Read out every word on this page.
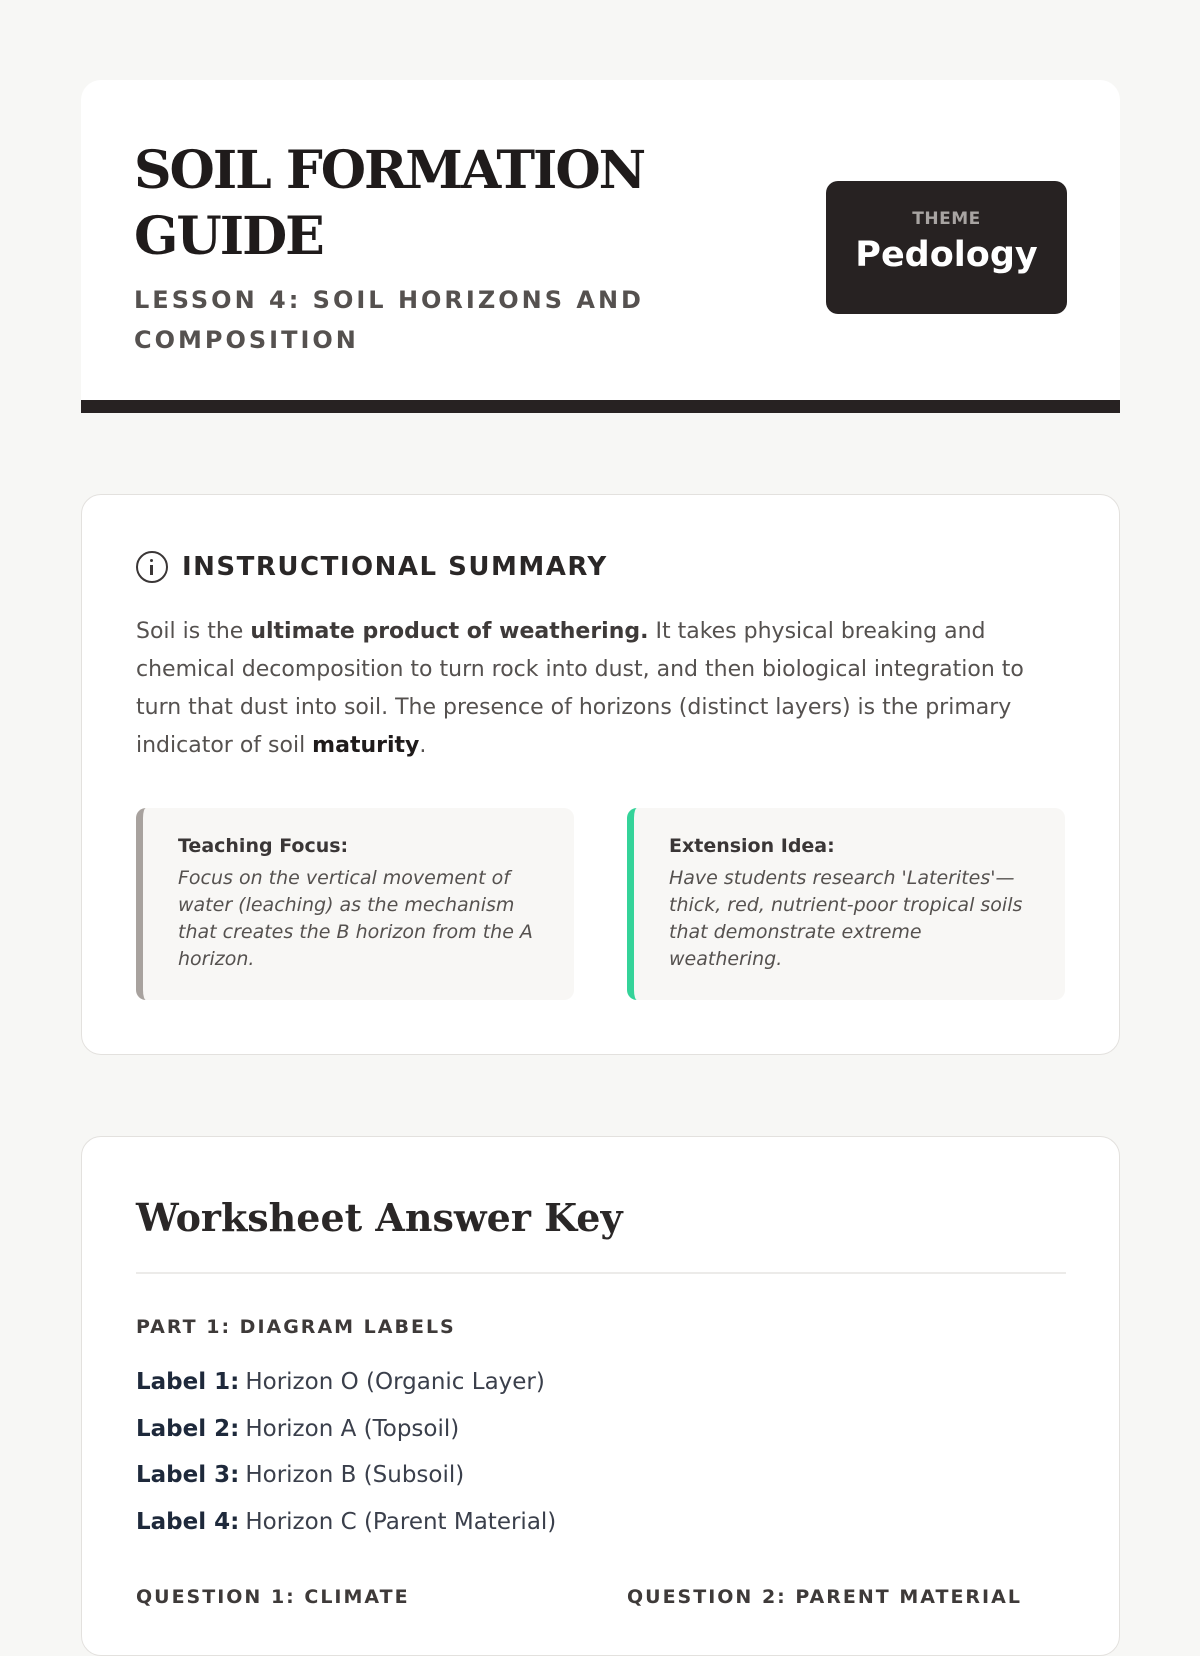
SOIL FORMATION GUIDE
LESSON 4: SOIL HORIZONS AND COMPOSITION
THEME
Pedology
INSTRUCTIONAL SUMMARY

Soil is the ultimate product of weathering. It takes physical breaking and chemical decomposition to turn rock into dust, and then biological integration to turn that dust into soil. The presence of horizons (distinct layers) is the primary indicator of soil maturity.

Teaching Focus:
Focus on the vertical movement of water (leaching) as the mechanism that creates the B horizon from the A horizon.
Extension Idea:
Have students research 'Laterites'—thick, red, nutrient-poor tropical soils that demonstrate extreme weathering.
Worksheet Answer Key
PART 1: DIAGRAM LABELS
Label 1: Horizon O (Organic Layer)
Label 2: Horizon A (Topsoil)
Label 3: Horizon B (Subsoil)
Label 4: Horizon C (Parent Material)
QUESTION 1: CLIMATE	QUESTION 2: PARENT MATERIAL
